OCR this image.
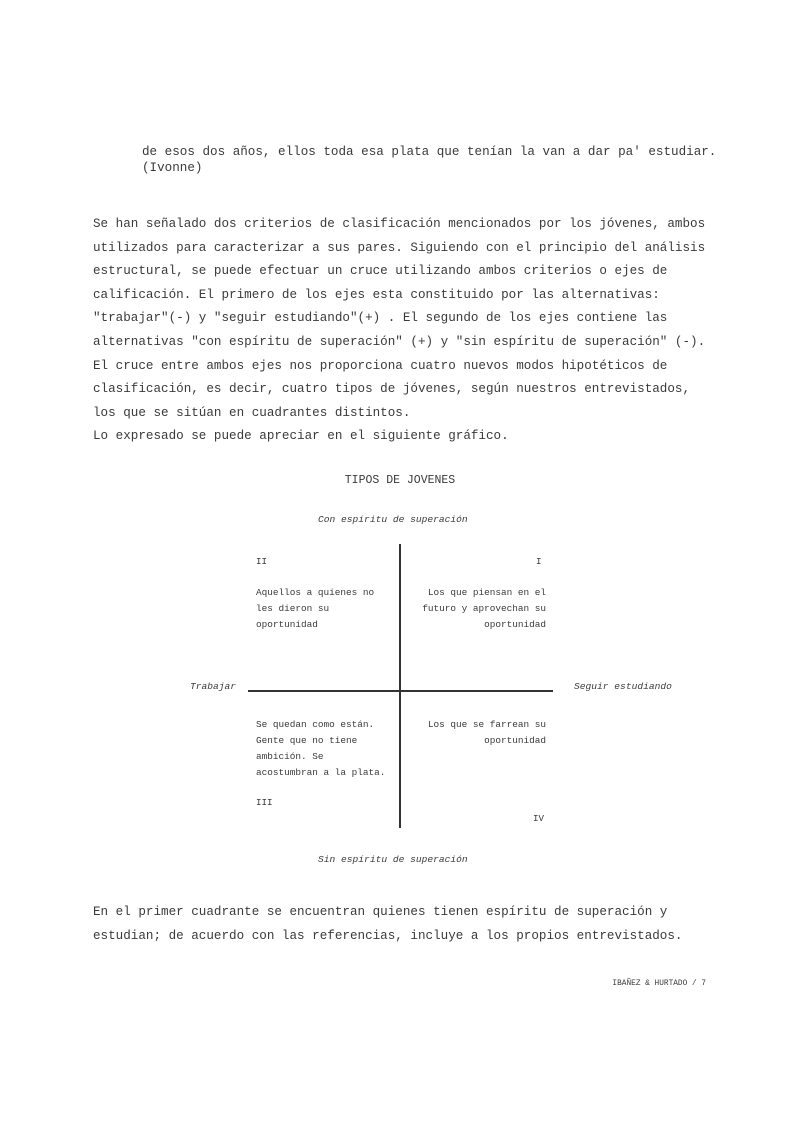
de esos dos años, ellos toda esa plata que tenían la van a dar pa' estudiar.
(Ivonne)
Se han señalado dos criterios de clasificación mencionados por los jóvenes, ambos
utilizados para caracterizar a sus pares. Siguiendo con el principio del análisis
estructural, se puede efectuar un cruce utilizando ambos criterios o ejes de
calificación. El primero de los ejes esta constituido por las alternativas:
"trabajar"(-) y "seguir estudiando"(+) . El segundo de los ejes contiene las
alternativas "con espíritu de superación" (+) y "sin espíritu de superación" (-).
El cruce entre ambos ejes nos proporciona cuatro nuevos modos hipotéticos de
clasificación, es decir, cuatro tipos de jóvenes, según nuestros entrevistados,
los que se sitúan en cuadrantes distintos.
Lo expresado se puede apreciar en el siguiente gráfico.
TIPOS DE JOVENES
Con espíritu de superación
Sin espíritu de superación
Trabajar	Seguir estudiando
II
Aquellos a quienes no
les dieron su
oportunidad
I
Los que piensan en el
futuro y aprovechan su
oportunidad
Se quedan como están.
Gente que no tiene
ambición. Se
acostumbran a la plata.
III
Los que se farrean su
oportunidad
IV
En el primer cuadrante se encuentran quienes tienen espíritu de superación y
estudian; de acuerdo con las referencias, incluye a los propios entrevistados.
IBAÑEZ & HURTADO / 7
